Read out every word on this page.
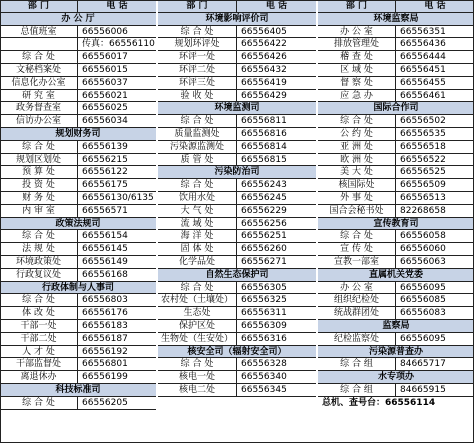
部 门	电 话
办 公 厅
总值班室	66556006
传真：66556110
综 合 处	66556017
文秘档案处	66556015
信息化办公室	66556037
研 究 室	66556021
政务督查室	66556025
信访办公室	66556034
规划财务司
综 合 处	66556139
规划区划处	66556215
预 算 处	66556122
投 资 处	66556175
财 务 处	66556130/6135
内 审 室	66556571
政策法规司
综 合 处	66556154
法 规 处	66556145
环境政策处	66556149
行政复议处	66556168
行政体制与人事司
综 合 处	66556803
体 改 处	66556176
干部一处	66556183
干部二处	66556187
人 才 处	66556192
干部监督处	66556801
离退休办	66556199
科技标准司
综 合 处	66556205
部 门	电 话
环境影响评价司
综 合 处	66556405
规划环评处	66556422
环评一处	66556426
环评二处	66556432
环评三处	66556419
验 收 处	66556429
环境监测司
综 合 处	66556811
质量监测处	66556816
污染源监测处	66556814
质 管 处	66556815
污染防治司
综 合 处	66556243
饮用水处	66556245
大 气 处	66556229
流 域 处	66556256
海 洋 处	66556251
固 体 处	66556260
化学品处	66556271
自然生态保护司
综 合 处	66556305
农村处（土壤处） 66556325
生态处	66556311
保护区处	66556309
生物处（生安处） 66556316
核安全司（辐射安全司）
综 合 处	66556328
核电一处	66556340
核电二处	66556345
部 门	电 话
环境监察局
办 公 室	66556351
排放管理处	66556436
稽 查 处	66556444
区 域 处	66556451
督 察 处	66556455
应 急 办	66556461
国际合作司
综 合 处	66556502
公 约 处	66556535
亚 洲 处	66556518
欧 洲 处	66556522
美 大 处	66556525
核国际处	66556509
外 事 处	66556513
国合会秘书处	82268658
宣传教育司
综 合 处	66556058
宣 传 处	66556060
宣教一部室	66556063
直属机关党委
办 公 室	66556095
组织纪检处	66556085
统战群团处	66556083
监察局
纪检监察处	66556095
污染源普查办
综 合 组	84665717
水专项办
综 合 组	84665915
总机、查号台：66556114
